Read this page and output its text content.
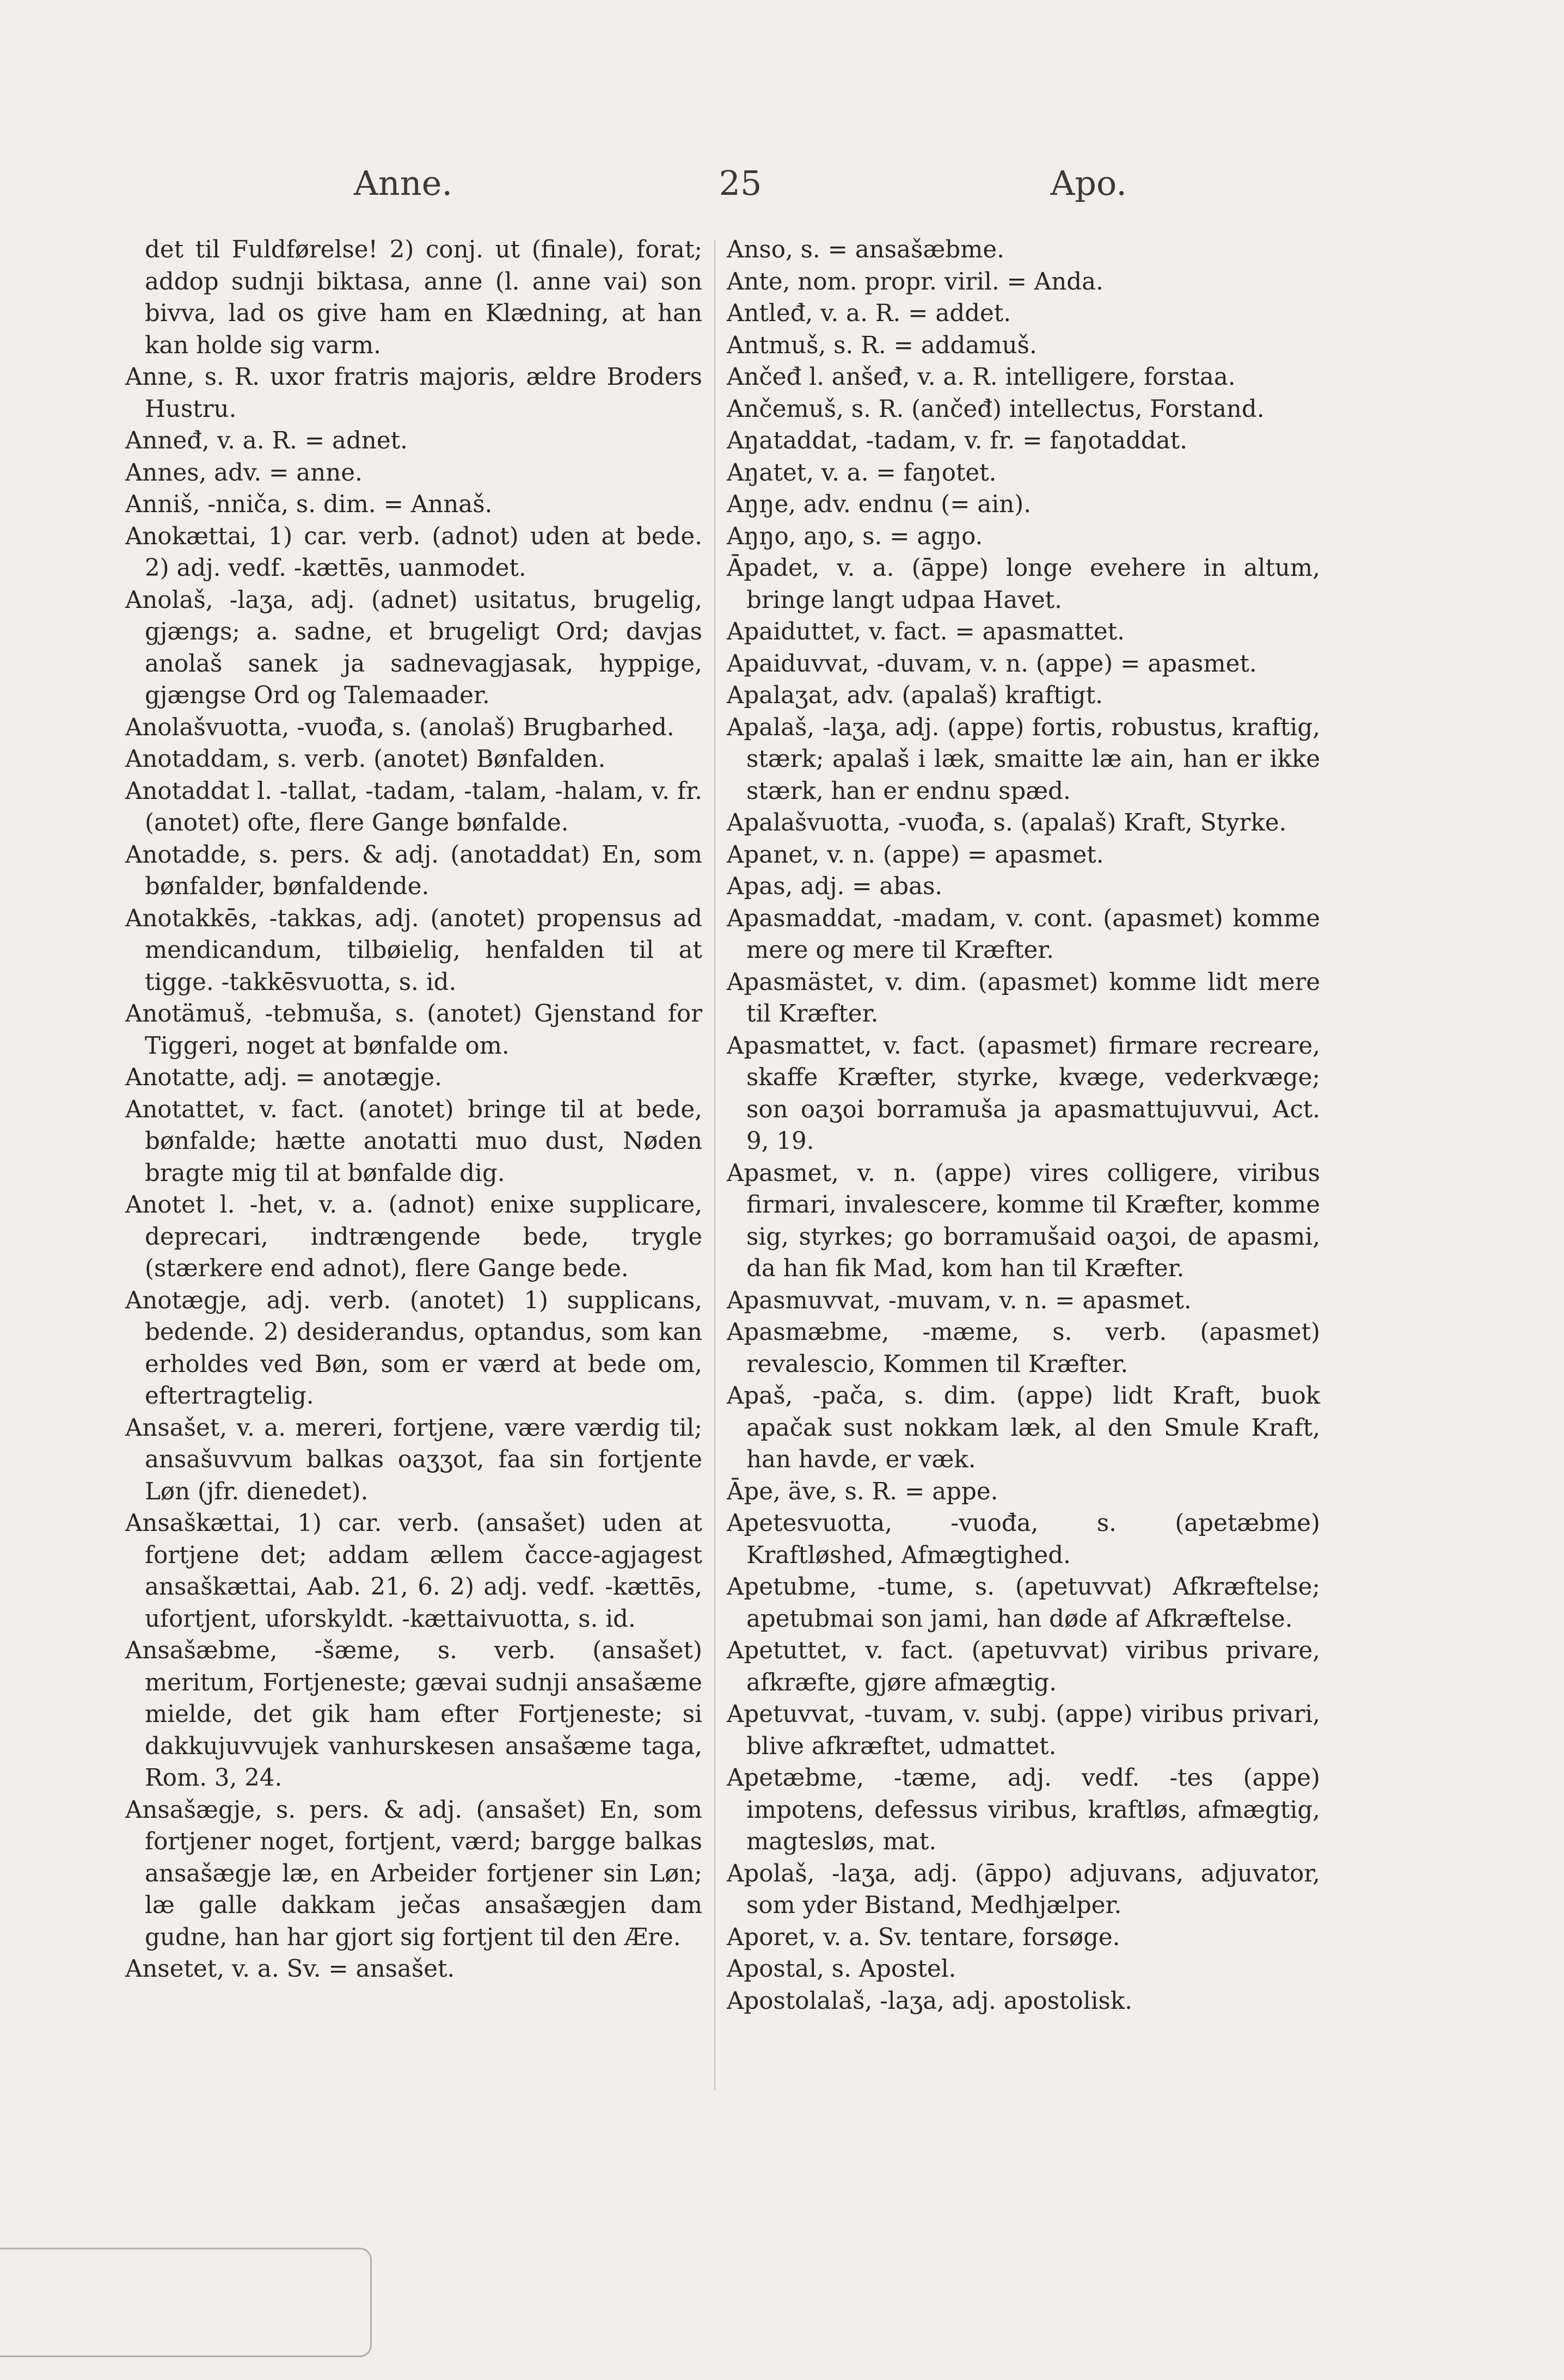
Anne.	25	Apo.

det til Fuldførelse! 2) conj. ut (finale), forat; addop sudnji biktasa, anne (l. anne vai) son bivva, lad os give ham en Klædning, at han kan holde sig varm.

Anne, s. R. uxor fratris majoris, ældre Broders Hustru.

Anneđ, v. a. R. = adnet.

Annes, adv. = anne.

Anniš, -nniča, s. dim. = Annaš.

Anokættai, 1) car. verb. (adnot) uden at bede. 2) adj. vedf. -kættēs, uanmodet.

Anolaš, -laʒa, adj. (adnet) usitatus, brugelig, gjængs; a. sadne, et brugeligt Ord; davjas anolaš sanek ja sadnevagjasak, hyppige, gjængse Ord og Talemaader.

Anolašvuotta, -vuođa, s. (anolaš) Brugbarhed.

Anotaddam, s. verb. (anotet) Bønfalden.

Anotaddat l. -tallat, -tadam, -talam, -halam, v. fr. (anotet) ofte, flere Gange bønfalde.

Anotadde, s. pers. & adj. (anotaddat) En, som bønfalder, bønfaldende.

Anotakkēs, -takkas, adj. (anotet) propensus ad mendicandum, tilbøielig, henfalden til at tigge. -takkēsvuotta, s. id.

Anotämuš, -tebmuša, s. (anotet) Gjenstand for Tiggeri, noget at bønfalde om.

Anotatte, adj. = anotægje.

Anotattet, v. fact. (anotet) bringe til at bede, bønfalde; hætte anotatti muo dust, Nøden bragte mig til at bønfalde dig.

Anotet l. -het, v. a. (adnot) enixe supplicare, deprecari, indtrængende bede, trygle (stærkere end adnot), flere Gange bede.

Anotægje, adj. verb. (anotet) 1) supplicans, bedende. 2) desiderandus, optandus, som kan erholdes ved Bøn, som er værd at bede om, eftertragtelig.

Ansašet, v. a. mereri, fortjene, være værdig til; ansašuvvum balkas oaʒʒot, faa sin fortjente Løn (jfr. dienedet).

Ansaškættai, 1) car. verb. (ansašet) uden at fortjene det; addam ællem čacce-agjagest ansaškættai, Aab. 21, 6. 2) adj. vedf. -kættēs, ufortjent, uforskyldt. -kættaivuotta, s. id.

Ansašæbme, -šæme, s. verb. (ansašet) meritum, Fortjeneste; gævai sudnji ansašæme mielde, det gik ham efter Fortjeneste; si dakkujuvvujek vanhurskesen ansašæme taga, Rom. 3, 24.

Ansašægje, s. pers. & adj. (ansašet) En, som fortjener noget, fortjent, værd; bargge balkas ansašægje læ, en Arbeider fortjener sin Løn; læ galle dakkam ječas ansašægjen dam gudne, han har gjort sig fortjent til den Ære.

Ansetet, v. a. Sv. = ansašet.

Anso, s. = ansašæbme.

Ante, nom. propr. viril. = Anda.

Antleđ, v. a. R. = addet.

Antmuš, s. R. = addamuš.

Ančeđ l. anšeđ, v. a. R. intelligere, forstaa.

Ančemuš, s. R. (ančeđ) intellectus, Forstand.

Aŋataddat, -tadam, v. fr. = faŋotaddat.

Aŋatet, v. a. = faŋotet.

Aŋŋe, adv. endnu (= ain).

Aŋŋo, aŋo, s. = agŋo.

Āpadet, v. a. (āppe) longe evehere in altum, bringe langt udpaa Havet.

Apaiduttet, v. fact. = apasmattet.

Apaiduvvat, -duvam, v. n. (appe) = apasmet.

Apalaʒat, adv. (apalaš) kraftigt.

Apalaš, -laʒa, adj. (appe) fortis, robustus, kraftig, stærk; apalaš i læk, smaitte læ ain, han er ikke stærk, han er endnu spæd.

Apalašvuotta, -vuođa, s. (apalaš) Kraft, Styrke.

Apanet, v. n. (appe) = apasmet.

Apas, adj. = abas.

Apasmaddat, -madam, v. cont. (apasmet) komme mere og mere til Kræfter.

Apasmästet, v. dim. (apasmet) komme lidt mere til Kræfter.

Apasmattet, v. fact. (apasmet) firmare recreare, skaffe Kræfter, styrke, kvæge, vederkvæge; son oaʒoi borramuša ja apasmattujuvvui, Act. 9, 19.

Apasmet, v. n. (appe) vires colligere, viribus firmari, invalescere, komme til Kræfter, komme sig, styrkes; go borramušaid oaʒoi, de apasmi, da han fik Mad, kom han til Kræfter.

Apasmuvvat, -muvam, v. n. = apasmet.

Apasmæbme, -mæme, s. verb. (apasmet) revalescio, Kommen til Kræfter.

Apaš, -pača, s. dim. (appe) lidt Kraft, buok apačak sust nokkam læk, al den Smule Kraft, han havde, er væk.

Āpe, äve, s. R. = appe.

Apetesvuotta, -vuođa, s. (apetæbme) Kraftløshed, Afmægtighed.

Apetubme, -tume, s. (apetuvvat) Afkræftelse; apetubmai son jami, han døde af Afkræftelse.

Apetuttet, v. fact. (apetuvvat) viribus privare, afkræfte, gjøre afmægtig.

Apetuvvat, -tuvam, v. subj. (appe) viribus privari, blive afkræftet, udmattet.

Apetæbme, -tæme, adj. vedf. -tes (appe) impotens, defessus viribus, kraftløs, afmægtig, magtesløs, mat.

Apolaš, -laʒa, adj. (āppo) adjuvans, adjuvator, som yder Bistand, Medhjælper.

Aporet, v. a. Sv. tentare, forsøge.

Apostal, s. Apostel.

Apostolalaš, -laʒa, adj. apostolisk.
